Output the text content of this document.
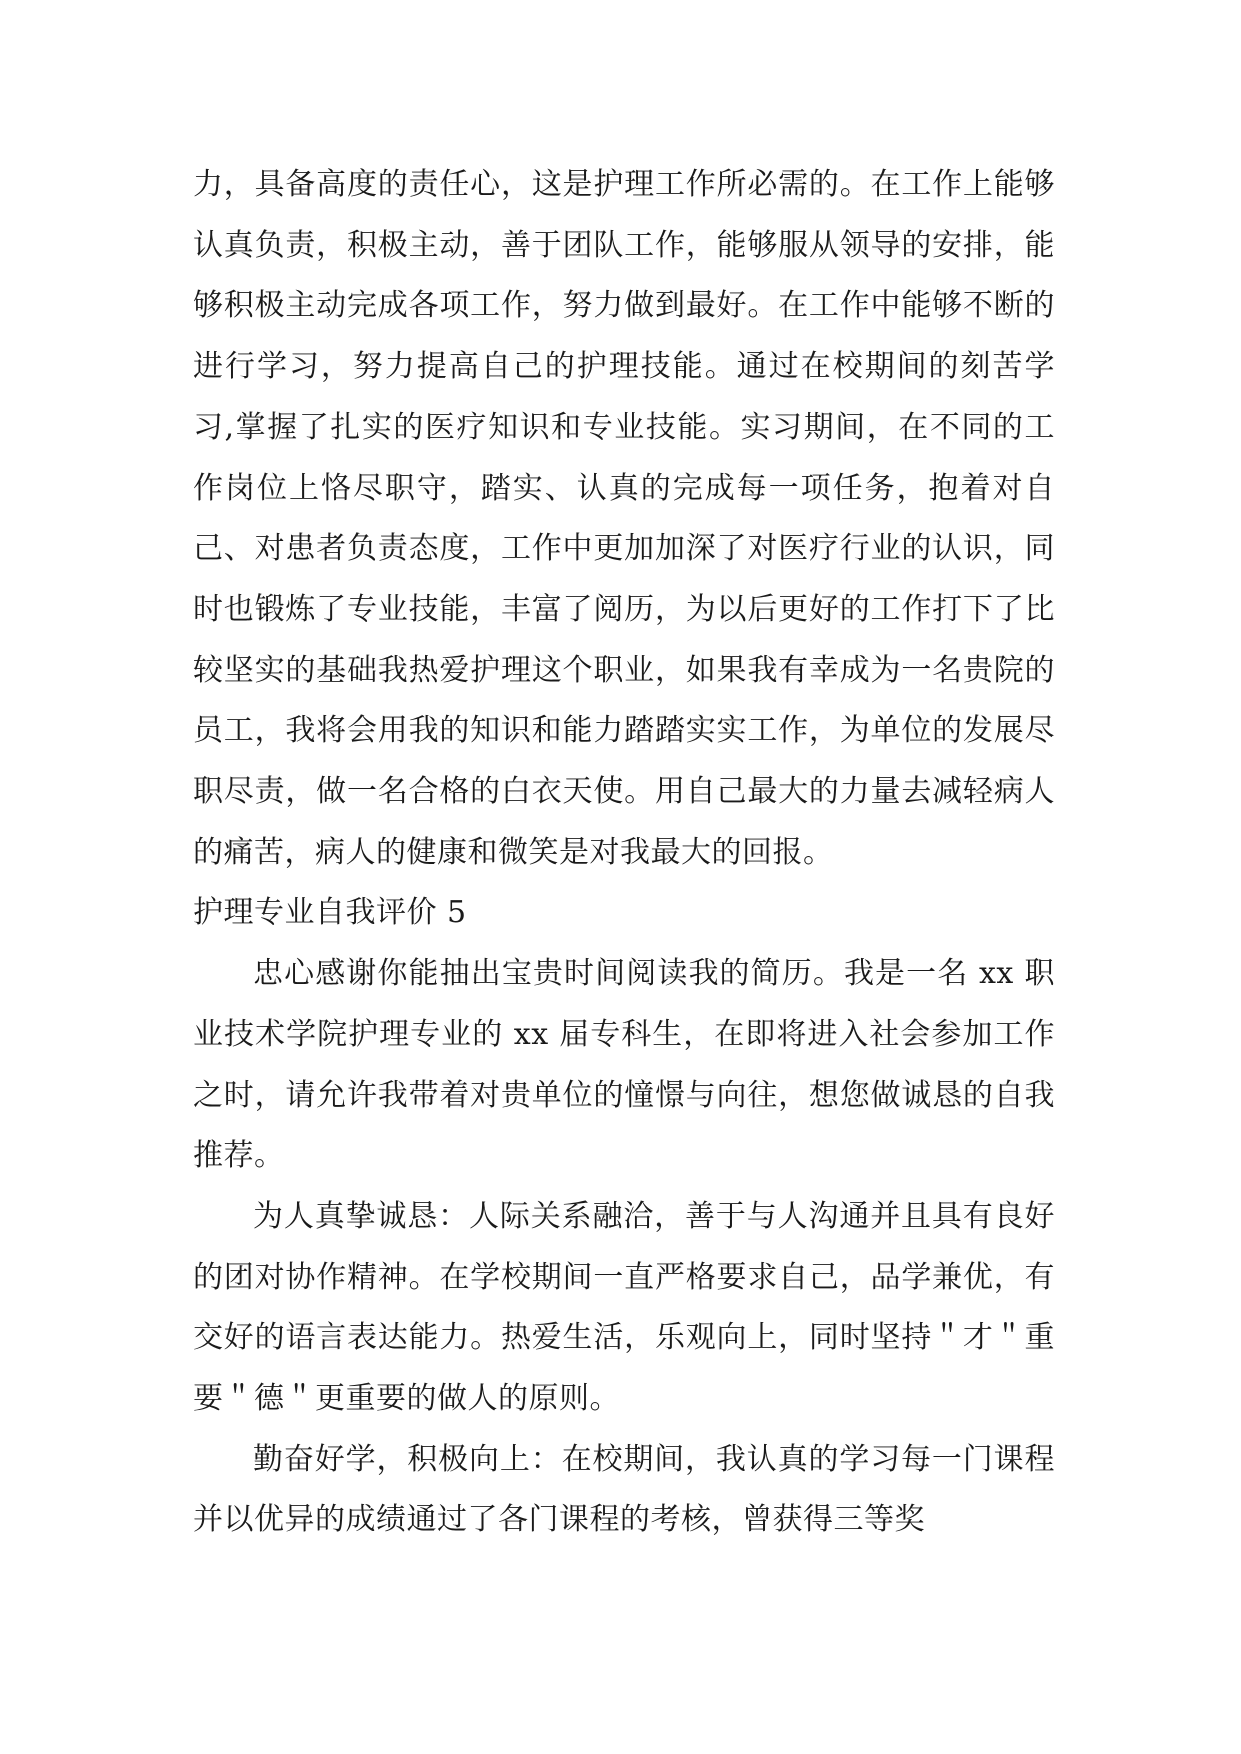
力，具备高度的责任心，这是护理工作所必需的。在工作上能够认真负责，积极主动，善于团队工作，能够服从领导的安排，能够积极主动完成各项工作，努力做到最好。在工作中能够不断的进行学习，努力提高自己的护理技能。通过在校期间的刻苦学习,掌握了扎实的医疗知识和专业技能。实习期间，在不同的工作岗位上恪尽职守，踏实、认真的完成每一项任务，抱着对自己、对患者负责态度，工作中更加加深了对医疗行业的认识，同时也锻炼了专业技能，丰富了阅历，为以后更好的工作打下了比较坚实的基础我热爱护理这个职业，如果我有幸成为一名贵院的员工，我将会用我的知识和能力踏踏实实工作，为单位的发展尽职尽责，做一名合格的白衣天使。用自己最大的力量去减轻病人的痛苦，病人的健康和微笑是对我最大的回报。

护理专业自我评价 5

忠心感谢你能抽出宝贵时间阅读我的简历。我是一名 xx 职业技术学院护理专业的 xx 届专科生，在即将进入社会参加工作之时，请允许我带着对贵单位的憧憬与向往，想您做诚恳的自我推荐。

为人真挚诚恳：人际关系融洽，善于与人沟通并且具有良好的团对协作精神。在学校期间一直严格要求自己，品学兼优，有交好的语言表达能力。热爱生活，乐观向上，同时坚持＂才＂重要＂德＂更重要的做人的原则。

勤奋好学，积极向上：在校期间，我认真的学习每一门课程并以优异的成绩通过了各门课程的考核，曾获得三等奖
